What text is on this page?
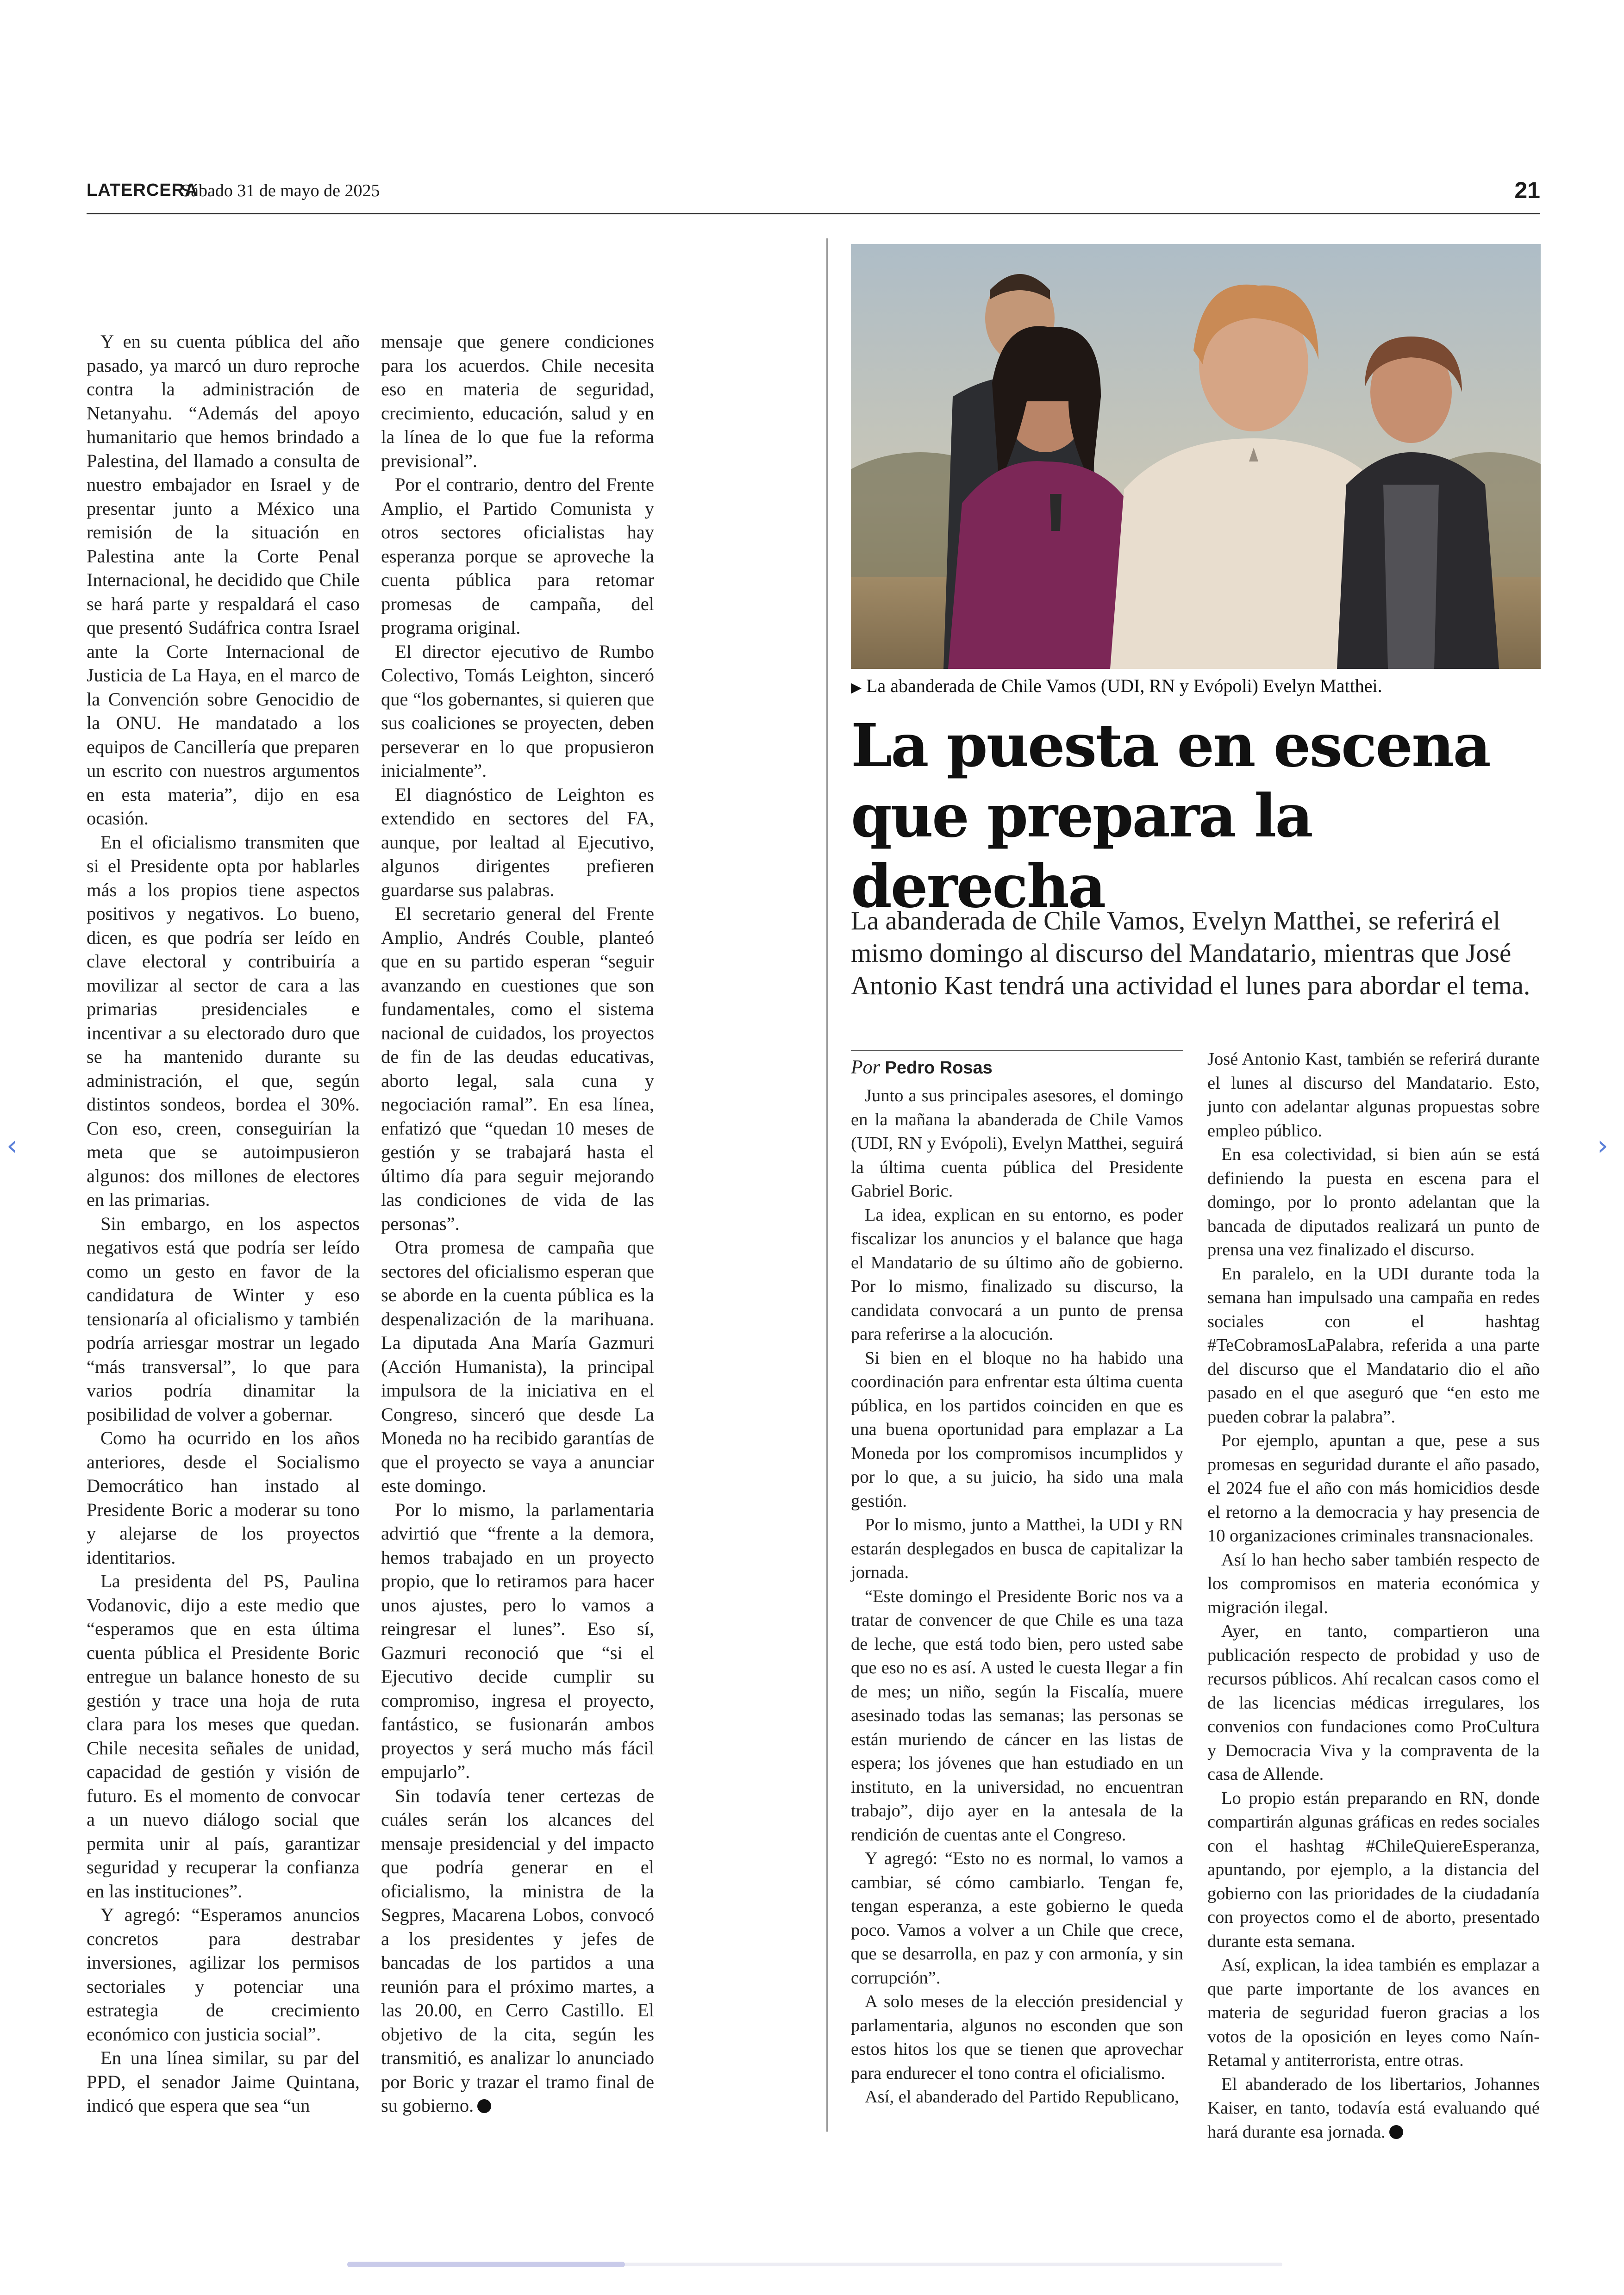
LATERCERA
Sábado 31 de mayo de 2025	21

Y en su cuenta pública del año pasado, ya marcó un duro reproche contra la administración de Netanyahu. “Además del apoyo humanitario que hemos brindado a Palestina, del llamado a consulta de nuestro embajador en Israel y de presentar junto a México una remisión de la situación en Palestina ante la Corte Penal Internacional, he decidido que Chile se hará parte y respaldará el caso que presentó Sudáfrica contra Israel ante la Corte Internacional de Justicia de La Haya, en el marco de la Convención sobre Genocidio de la ONU. He mandatado a los equipos de Cancillería que preparen un escrito con nuestros argumentos en esta materia”, dijo en esa ocasión.

En el oficialismo transmiten que si el Presidente opta por hablarles más a los propios tiene aspectos positivos y negativos. Lo bueno, dicen, es que podría ser leído en clave electoral y contribuiría a movilizar al sector de cara a las primarias presidenciales e incentivar a su electorado duro que se ha mantenido durante su administración, el que, según distintos sondeos, bordea el 30%. Con eso, creen, conseguirían la meta que se autoimpusieron algunos: dos millones de electores en las primarias.

Sin embargo, en los aspectos negativos está que podría ser leído como un gesto en favor de la candidatura de Winter y eso tensionaría al oficialismo y también podría arriesgar mostrar un legado “más transversal”, lo que para varios podría dinamitar la posibilidad de volver a gobernar.

Como ha ocurrido en los años anteriores, desde el Socialismo Democrático han instado al Presidente Boric a moderar su tono y alejarse de los proyectos identitarios.

La presidenta del PS, Paulina Vodanovic, dijo a este medio que “esperamos que en esta última cuenta pública el Presidente Boric entregue un balance honesto de su gestión y trace una hoja de ruta clara para los meses que quedan. Chile necesita señales de unidad, capacidad de gestión y visión de futuro. Es el momento de convocar a un nuevo diálogo social que permita unir al país, garantizar seguridad y recuperar la confianza en las instituciones”.

Y agregó: “Esperamos anuncios concretos para destrabar inversiones, agilizar los permisos sectoriales y potenciar una estrategia de crecimiento económico con justicia social”.

En una línea similar, su par del PPD, el senador Jaime Quintana, indicó que espera que sea “un

mensaje que genere condiciones para los acuerdos. Chile necesita eso en materia de seguridad, crecimiento, educación, salud y en la línea de lo que fue la reforma previsional”.

Por el contrario, dentro del Frente Amplio, el Partido Comunista y otros sectores oficialistas hay esperanza porque se aproveche la cuenta pública para retomar promesas de campaña, del programa original.

El director ejecutivo de Rumbo Colectivo, Tomás Leighton, sinceró que “los gobernantes, si quieren que sus coaliciones se proyecten, deben perseverar en lo que propusieron inicialmente”.

El diagnóstico de Leighton es extendido en sectores del FA, aunque, por lealtad al Ejecutivo, algunos dirigentes prefieren guardarse sus palabras.

El secretario general del Frente Amplio, Andrés Couble, planteó que en su partido esperan “seguir avanzando en cuestiones que son fundamentales, como el sistema nacional de cuidados, los proyectos de fin de las deudas educativas, aborto legal, sala cuna y negociación ramal”. En esa línea, enfatizó que “quedan 10 meses de gestión y se trabajará hasta el último día para seguir mejorando las condiciones de vida de las personas”.

Otra promesa de campaña que sectores del oficialismo esperan que se aborde en la cuenta pública es la despenalización de la marihuana. La diputada Ana María Gazmuri (Acción Humanista), la principal impulsora de la iniciativa en el Congreso, sinceró que desde La Moneda no ha recibido garantías de que el proyecto se vaya a anunciar este domingo.

Por lo mismo, la parlamentaria advirtió que “frente a la demora, hemos trabajado en un proyecto propio, que lo retiramos para hacer unos ajustes, pero lo vamos a reingresar el lunes”. Eso sí, Gazmuri reconoció que “si el Ejecutivo decide cumplir su compromiso, ingresa el proyecto, fantástico, se fusionarán ambos proyectos y será mucho más fácil empujarlo”.

Sin todavía tener certezas de cuáles serán los alcances del mensaje presidencial y del impacto que podría generar en el oficialismo, la ministra de la Segpres, Macarena Lobos, convocó a los presidentes y jefes de bancadas de los partidos a una reunión para el próximo martes, a las 20.00, en Cerro Castillo. El objetivo de la cita, según les transmitió, es analizar lo anunciado por Boric y trazar el tramo final de su gobierno.

▶ La abanderada de Chile Vamos (UDI, RN y Evópoli) Evelyn Matthei.
La puesta en escena
que prepara la derecha
La abanderada de Chile Vamos, Evelyn Matthei, se referirá el mismo domingo al discurso del Mandatario, mientras que José Antonio Kast tendrá una actividad el lunes para abordar el tema.
Por Pedro Rosas

Junto a sus principales asesores, el domingo en la mañana la abanderada de Chile Vamos (UDI, RN y Evópoli), Evelyn Matthei, seguirá la última cuenta pública del Presidente Gabriel Boric.

La idea, explican en su entorno, es poder fiscalizar los anuncios y el balance que haga el Mandatario de su último año de gobierno. Por lo mismo, finalizado su discurso, la candidata convocará a un punto de prensa para referirse a la alocución.

Si bien en el bloque no ha habido una coordinación para enfrentar esta última cuenta pública, en los partidos coinciden en que es una buena oportunidad para emplazar a La Moneda por los compromisos incumplidos y por lo que, a su juicio, ha sido una mala gestión.

Por lo mismo, junto a Matthei, la UDI y RN estarán desplegados en busca de capitalizar la jornada.

“Este domingo el Presidente Boric nos va a tratar de convencer de que Chile es una taza de leche, que está todo bien, pero usted sabe que eso no es así. A usted le cuesta llegar a fin de mes; un niño, según la Fiscalía, muere asesinado todas las semanas; las personas se están muriendo de cáncer en las listas de espera; los jóvenes que han estudiado en un instituto, en la universidad, no encuentran trabajo”, dijo ayer en la antesala de la rendición de cuentas ante el Congreso.

Y agregó: “Esto no es normal, lo vamos a cambiar, sé cómo cambiarlo. Tengan fe, tengan esperanza, a este gobierno le queda poco. Vamos a volver a un Chile que crece, que se desarrolla, en paz y con armonía, y sin corrupción”.

A solo meses de la elección presidencial y parlamentaria, algunos no esconden que son estos hitos los que se tienen que aprovechar para endurecer el tono contra el oficialismo.

Así, el abanderado del Partido Republicano,

José Antonio Kast, también se referirá durante el lunes al discurso del Mandatario. Esto, junto con adelantar algunas propuestas sobre empleo público.

En esa colectividad, si bien aún se está definiendo la puesta en escena para el domingo, por lo pronto adelantan que la bancada de diputados realizará un punto de prensa una vez finalizado el discurso.

En paralelo, en la UDI durante toda la semana han impulsado una campaña en redes sociales con el hashtag #TeCobramosLaPalabra, referida a una parte del discurso que el Mandatario dio el año pasado en el que aseguró que “en esto me pueden cobrar la palabra”.

Por ejemplo, apuntan a que, pese a sus promesas en seguridad durante el año pasado, el 2024 fue el año con más homicidios desde el retorno a la democracia y hay presencia de 10 organizaciones criminales transnacionales.

Así lo han hecho saber también respecto de los compromisos en materia económica y migración ilegal.

Ayer, en tanto, compartieron una publicación respecto de probidad y uso de recursos públicos. Ahí recalcan casos como el de las licencias médicas irregulares, los convenios con fundaciones como ProCultura y Democracia Viva y la compraventa de la casa de Allende.

Lo propio están preparando en RN, donde compartirán algunas gráficas en redes sociales con el hashtag #ChileQuiereEsperanza, apuntando, por ejemplo, a la distancia del gobierno con las prioridades de la ciudadanía con proyectos como el de aborto, presentado durante esta semana.

Así, explican, la idea también es emplazar a que parte importante de los avances en materia de seguridad fueron gracias a los votos de la oposición en leyes como Naín-Retamal y antiterrorista, entre otras.

El abanderado de los libertarios, Johannes Kaiser, en tanto, todavía está evaluando qué hará durante esa jornada.

‹	›
